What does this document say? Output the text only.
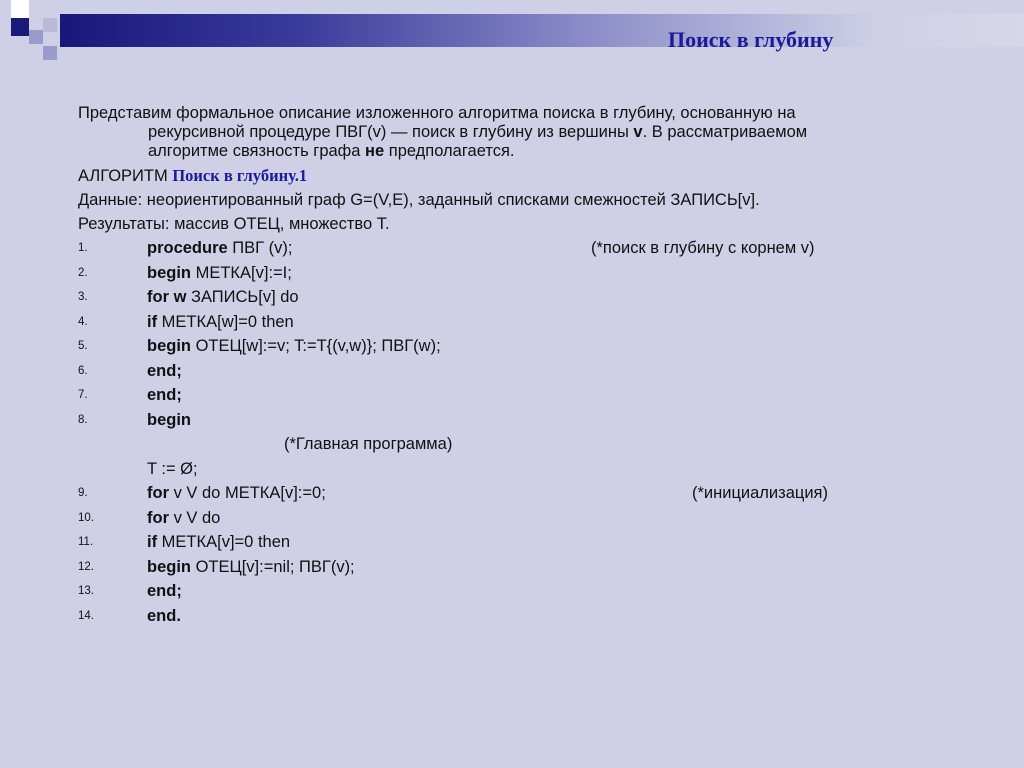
Поиск в глубину

Представим формальное описание изложенного алгоритма поиска в глубину, основанную на
рекурсивной процедуре ПВГ(v) — поиск в глубину из вершины v. В рассматриваемом
алгоритме связность графа не предполагается.

АЛГОРИТМ Поиск в глубину.1
Данные: неориентированный граф G=(V,E), заданный списками смежностей ЗАПИСЬ[v].
Результаты: массив ОТЕЦ, множество T.
1.	procedure ПВГ (v);	(*поиск в глубину с корнем v)
2.	begin МЕТКА[v]:=I;
3.	for w ЗАПИСЬ[v] do
4.	if МЕТКА[w]=0 then
5.	begin ОТЕЦ[w]:=v; T:=T{(v,w)}; ПВГ(w);
6.	end;
7.	end;
8.	begin
(*Главная программа)
T := Ø;
9.	for v V do МЕТКА[v]:=0;	(*инициализация)
10.	for v V do
11.	if МЕТКА[v]=0 then
12.	begin ОТЕЦ[v]:=nil; ПВГ(v);
13.	end;
14.	end.
